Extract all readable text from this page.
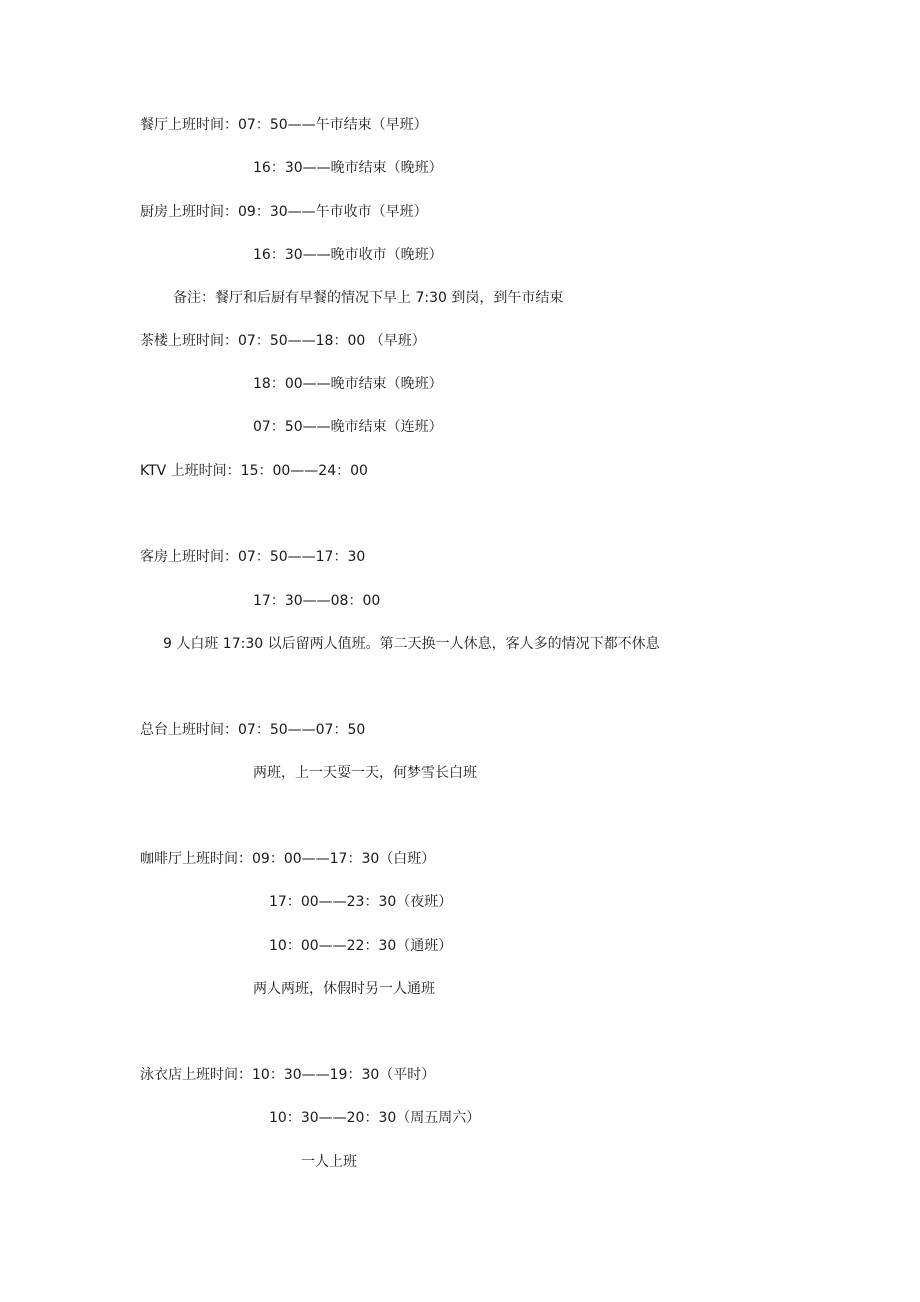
餐厅上班时间：07：50——午市结束（早班）
16：30——晚市结束（晚班）
厨房上班时间：09：30——午市收市（早班）
16：30——晚市收市（晚班）
备注：餐厅和后厨有早餐的情况下早上 7:30 到岗，到午市结束
茶楼上班时间：07：50——18：00 （早班）
18：00——晚市结束（晚班）
07：50——晚市结束（连班）
KTV 上班时间：15：00——24：00
客房上班时间：07：50——17：30
17：30——08：00
9 人白班 17:30 以后留两人值班。第二天换一人休息，客人多的情况下都不休息
总台上班时间：07：50——07：50
两班，上一天耍一天，何梦雪长白班
咖啡厅上班时间：09：00——17：30（白班）
17：00——23：30（夜班）
10：00——22：30（通班）
两人两班，休假时另一人通班
泳衣店上班时间：10：30——19：30（平时）
10：30——20：30（周五周六）
一人上班
